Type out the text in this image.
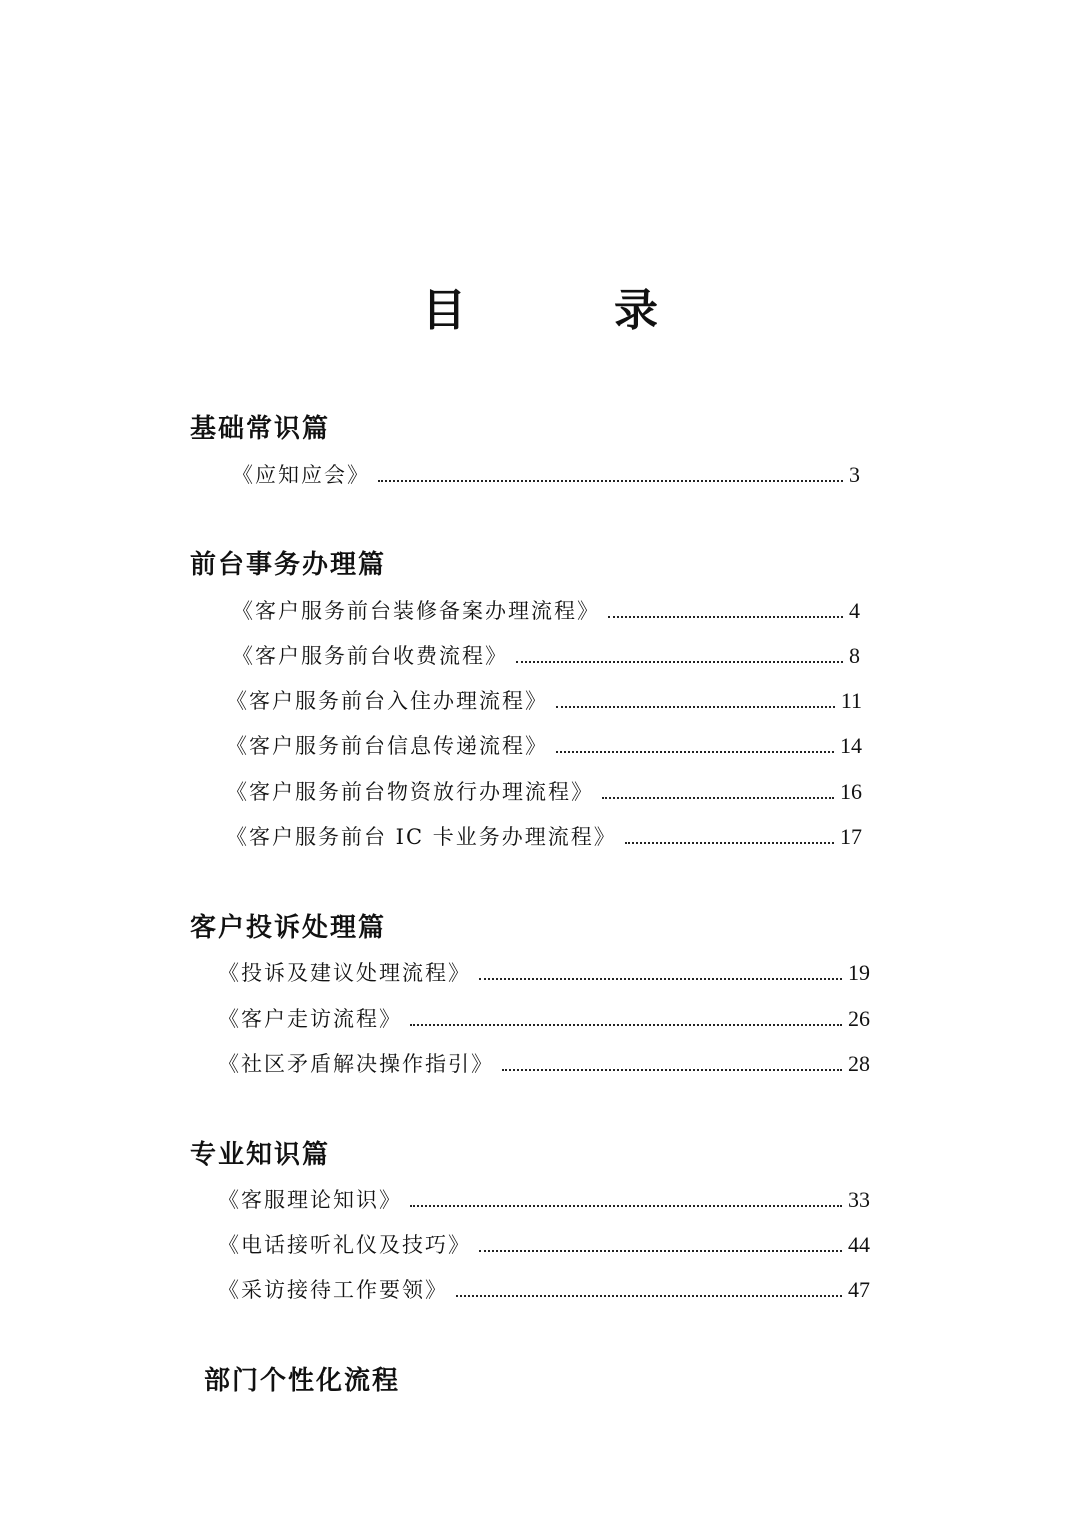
目　录
基础常识篇
《应知应会》	3
前台事务办理篇
《客户服务前台装修备案办理流程》	4
《客户服务前台收费流程》	8
《客户服务前台入住办理流程》	11
《客户服务前台信息传递流程》	14
《客户服务前台物资放行办理流程》	16
《客户服务前台 IC 卡业务办理流程》	17
客户投诉处理篇
《投诉及建议处理流程》	19
《客户走访流程》	26
《社区矛盾解决操作指引》	28
专业知识篇
《客服理论知识》	33
《电话接听礼仪及技巧》	44
《采访接待工作要领》	47
部门个性化流程
